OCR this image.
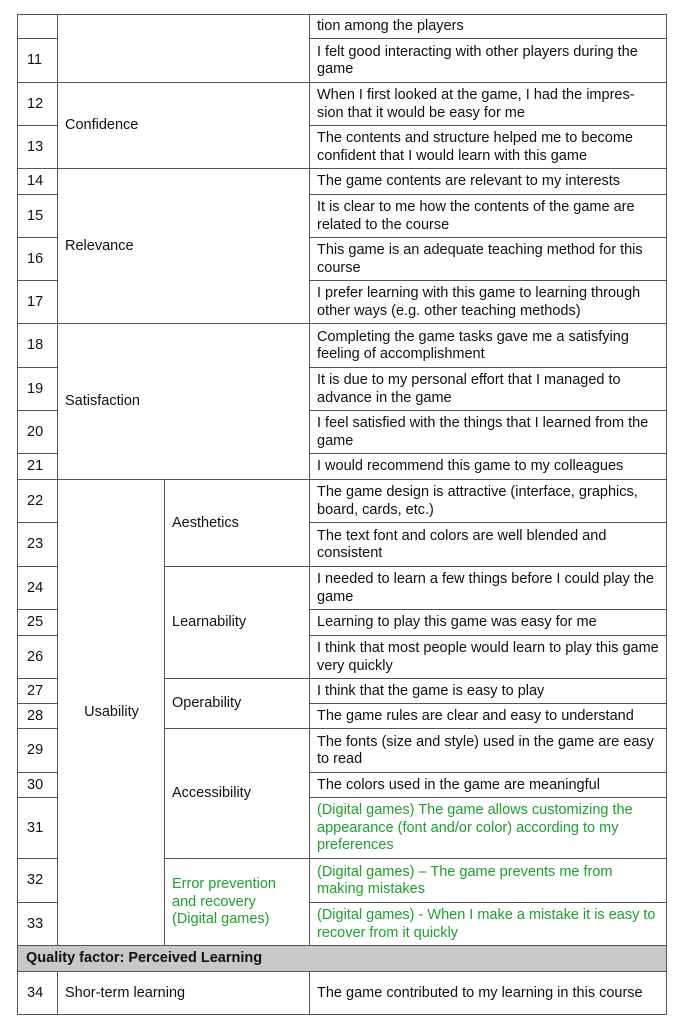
			tion among the players
11			I felt good interacting with other players during the game
12	Confidence		When I first looked at the game, I had the impres-sion that it would be easy for me
13			The contents and structure helped me to become confident that I would learn with this game
14	Relevance		The game contents are relevant to my interests
15			It is clear to me how the contents of the game are related to the course
16			This game is an adequate teaching method for this course
17			I prefer learning with this game to learning through other ways (e.g. other teaching methods)
18	Satisfaction		Completing the game tasks gave me a satisfying feeling of accomplishment
19			It is due to my personal effort that I managed to advance in the game
20			I feel satisfied with the things that I learned from the game
21			I would recommend this game to my colleagues
22	Usability	Aesthetics	The game design is attractive (interface, graphics, board, cards, etc.)
23			The text font and colors are well blended and consistent
24		Learnability	I needed to learn a few things before I could play the game
25			Learning to play this game was easy for me
26			I think that most people would learn to play this game very quickly
27		Operability	I think that the game is easy to play
28			The game rules are clear and easy to understand
29		Accessibility	The fonts (size and style) used in the game are easy to read
30			The colors used in the game are meaningful
31			(Digital games) The game allows customizing the appearance (font and/or color) according to my preferences
32		Error prevention and recovery (Digital games)	(Digital games) – The game prevents me from making mistakes
33			(Digital games) - When I make a mistake it is easy to recover from it quickly
Quality factor: Perceived Learning			
34	Shor-term learning		The game contributed to my learning in this course
